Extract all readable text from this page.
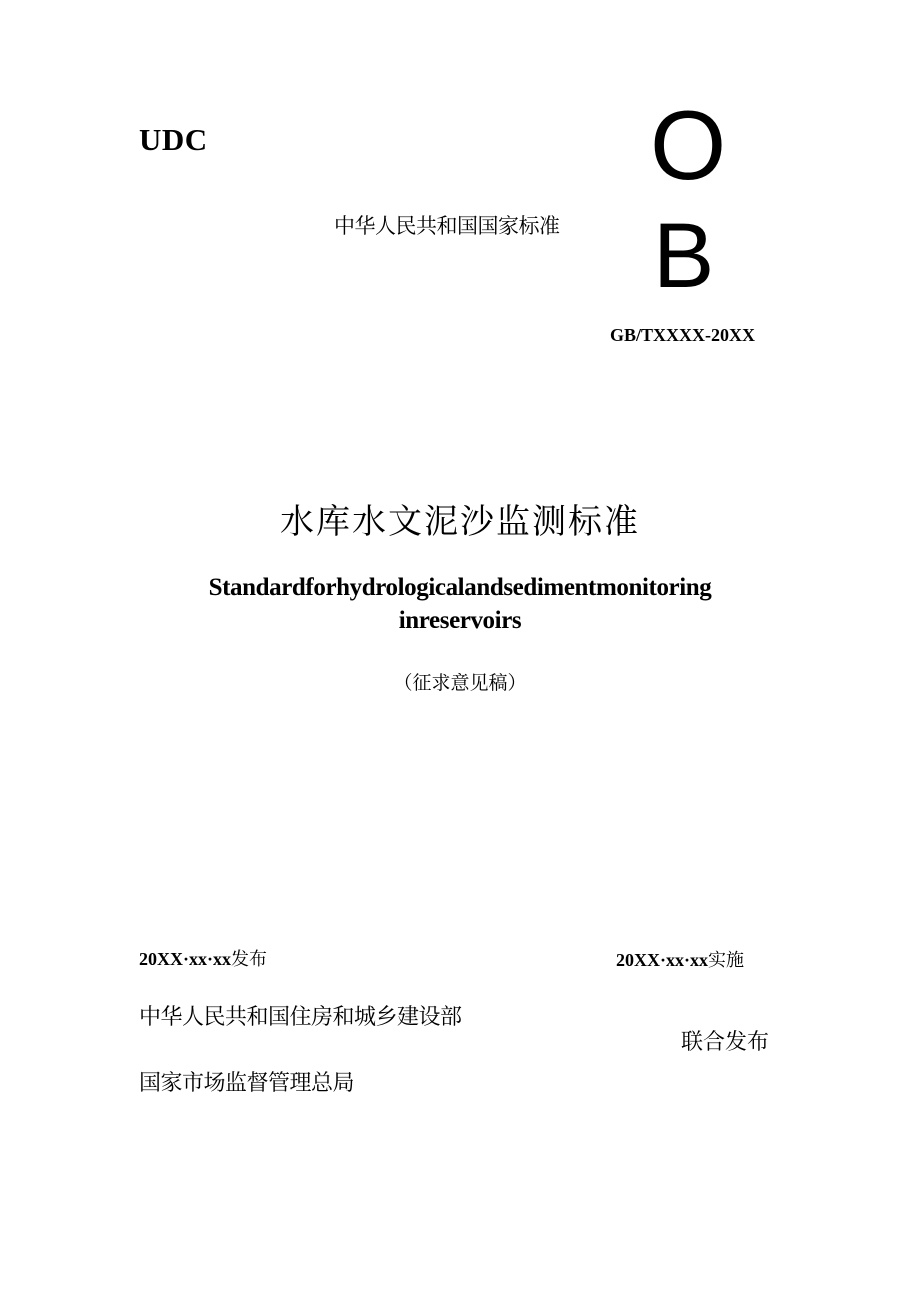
UDC
中华人民共和国国家标准
O
B
GB/TXXXX-20XX
水库水文泥沙监测标准
Standardforhydrologicalandsedimentmonitoring
inreservoirs
（征求意见稿）
20XX·xx·xx发布	20XX·xx·xx实施
中华人民共和国住房和城乡建设部
国家市场监督管理总局
联合发布
